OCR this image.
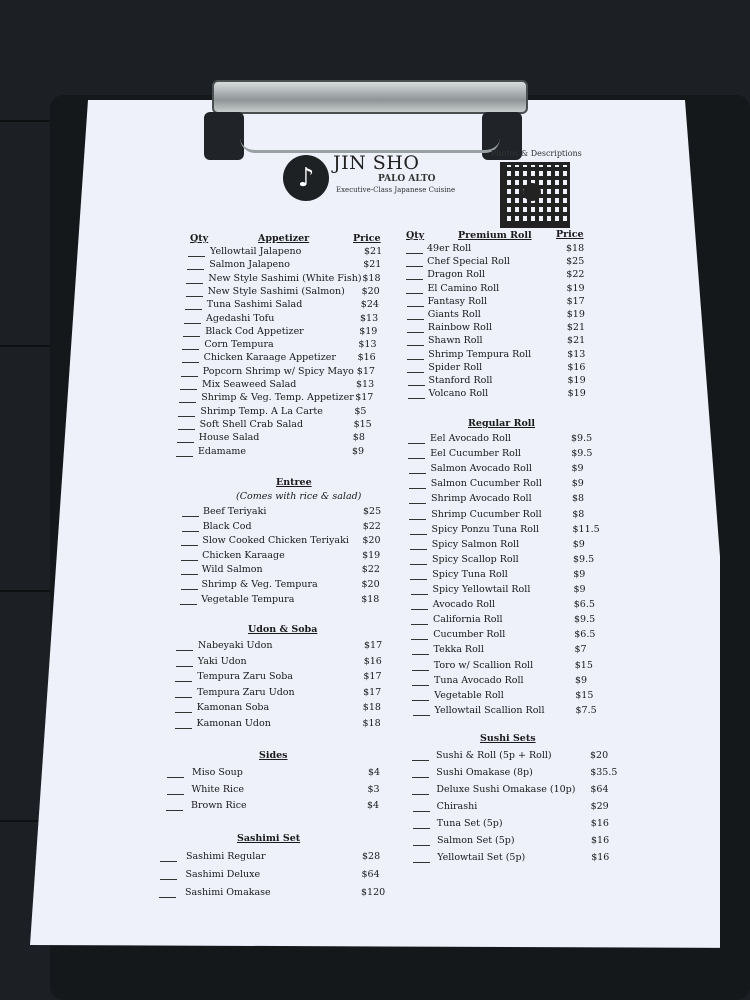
♪ JIN SHO
PALO ALTO
Executive-Class Japanese Cuisine
Photos & Descriptions
Appetizer
Qty	Price
Yellowtail Jalapeno	$21
Salmon Jalapeno	$21
New Style Sashimi (White Fish) $18
New Style Sashimi (Salmon) $20
Tuna Sashimi Salad	$24
Agedashi Tofu	$13
Black Cod Appetizer	$19
Corn Tempura	$13
Chicken Karaage Appetizer $16
Popcorn Shrimp w/ Spicy Mayo $17
Mix Seaweed Salad	$13
Shrimp & Veg. Temp. Appetizer $17
Shrimp Temp. A La Carte	$5
Soft Shell Crab Salad	$15
House Salad	$8
Edamame	$9
Entree
(Comes with rice & salad)
Beef Teriyaki	$25
Black Cod	$22
Slow Cooked Chicken Teriyaki $20
Chicken Karaage	$19
Wild Salmon	$22
Shrimp & Veg. Tempura	$20
Vegetable Tempura	$18
Udon & Soba
Nabeyaki Udon	$17
Yaki Udon	$16
Tempura Zaru Soba	$17
Tempura Zaru Udon	$17
Kamonan Soba	$18
Kamonan Udon	$18
Sides
Miso Soup	$4
White Rice	$3
Brown Rice	$4
Sashimi Set
Sashimi Regular	$28
Sashimi Deluxe	$64
Sashimi Omakase	$120
Premium Roll
Qty	Price
49er Roll	$18
Chef Special Roll	$25
Dragon Roll	$22
El Camino Roll	$19
Fantasy Roll	$17
Giants Roll	$19
Rainbow Roll	$21
Shawn Roll	$21
Shrimp Tempura Roll	$13
Spider Roll	$16
Stanford Roll	$19
Volcano Roll	$19
Regular Roll
Eel Avocado Roll	$9.5
Eel Cucumber Roll	$9.5
Salmon Avocado Roll	$9
Salmon Cucumber Roll	$9
Shrimp Avocado Roll	$8
Shrimp Cucumber Roll	$8
Spicy Ponzu Tuna Roll	$11.5
Spicy Salmon Roll	$9
Spicy Scallop Roll	$9.5
Spicy Tuna Roll	$9
Spicy Yellowtail Roll	$9
Avocado Roll	$6.5
California Roll	$9.5
Cucumber Roll	$6.5
Tekka Roll	$7
Toro w/ Scallion Roll	$15
Tuna Avocado Roll	$9
Vegetable Roll	$15
Yellowtail Scallion Roll	$7.5
Sushi Sets
Sushi & Roll (5p + Roll)	$20
Sushi Omakase (8p)	$35.5
Deluxe Sushi Omakase (10p) $64
Chirashi	$29
Tuna Set (5p)	$16
Salmon Set (5p)	$16
Yellowtail Set (5p)	$16
